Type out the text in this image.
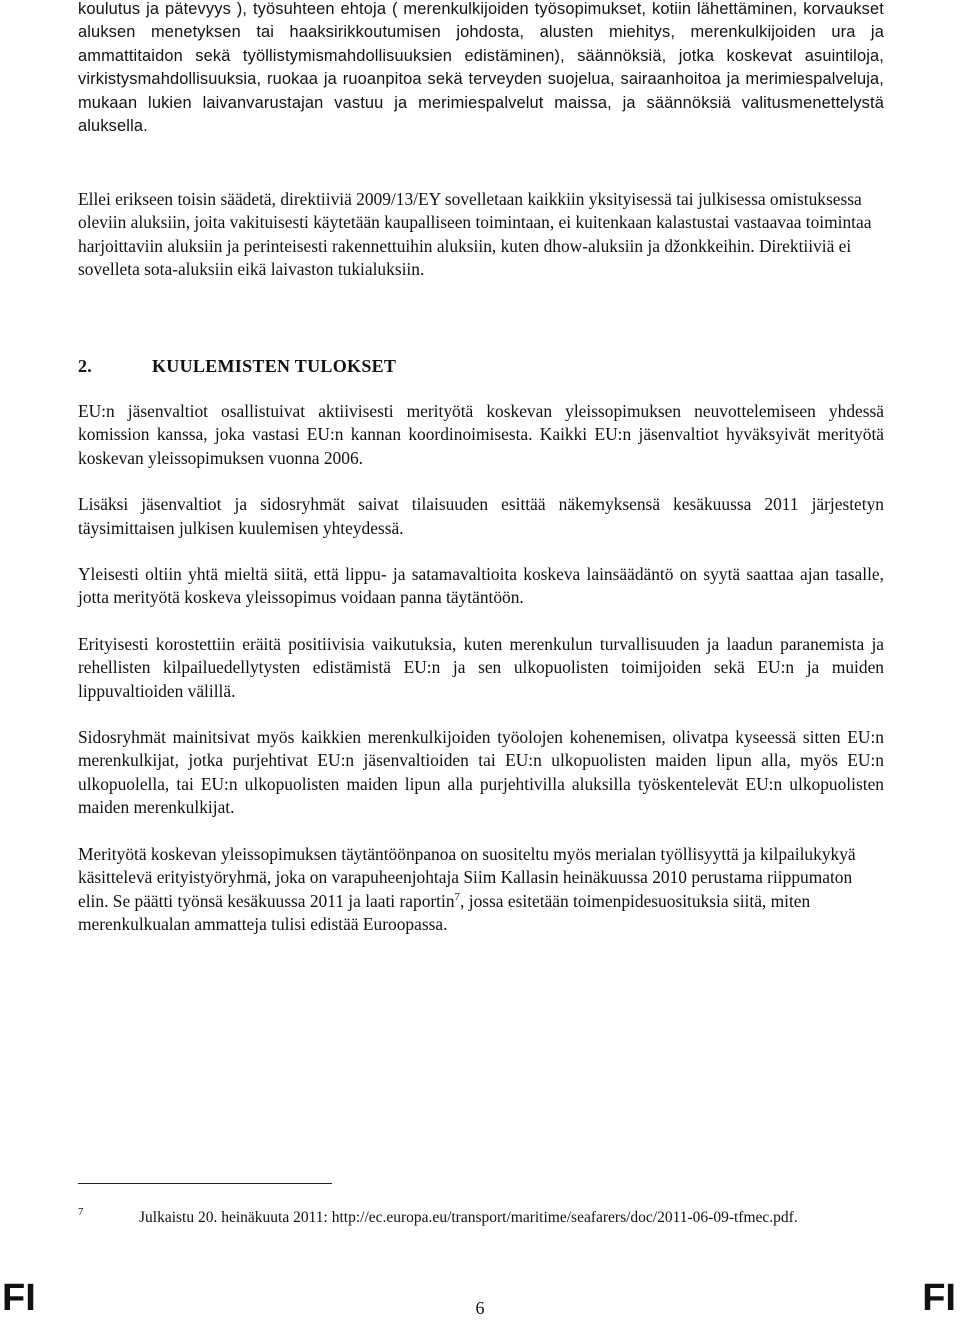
koulutus ja pätevyys ), työsuhteen ehtoja ( merenkulkijoiden työsopimukset, kotiin lähettäminen, korvaukset aluksen menetyksen tai haaksirikkoutumisen johdosta, alusten miehitys, merenkulkijoiden ura ja ammattitaidon sekä työllistymismahdollisuuksien edistäminen), säännöksiä, jotka koskevat asuintiloja, virkistysmahdollisuuksia, ruokaa ja ruoanpitoa sekä terveyden suojelua, sairaanhoitoa ja merimiespalveluja, mukaan lukien laivanvarustajan vastuu ja merimiespalvelut maissa, ja säännöksiä valitusmenettelystä aluksella.

Ellei erikseen toisin säädetä, direktiiviä 2009/13/EY sovelletaan kaikkiin yksityisessä tai julkisessa omistuksessa oleviin aluksiin, joita vakituisesti käytetään kaupalliseen toimintaan, ei kuitenkaan kalastustai vastaavaa toimintaa harjoittaviin aluksiin ja perinteisesti rakennettuihin aluksiin, kuten dhow-aluksiin ja džonkkeihin. Direktiiviä ei sovelleta sota-aluksiin eikä laivaston tukialuksiin.

2.	KUULEMISTEN TULOKSET

EU:n jäsenvaltiot osallistuivat aktiivisesti merityötä koskevan yleissopimuksen neuvottelemiseen yhdessä komission kanssa, joka vastasi EU:n kannan koordinoimisesta. Kaikki EU:n jäsenvaltiot hyväksyivät merityötä koskevan yleissopimuksen vuonna 2006.

Lisäksi jäsenvaltiot ja sidosryhmät saivat tilaisuuden esittää näkemyksensä kesäkuussa 2011 järjestetyn täysimittaisen julkisen kuulemisen yhteydessä.

Yleisesti oltiin yhtä mieltä siitä, että lippu- ja satamavaltioita koskeva lainsäädäntö on syytä saattaa ajan tasalle, jotta merityötä koskeva yleissopimus voidaan panna täytäntöön.

Erityisesti korostettiin eräitä positiivisia vaikutuksia, kuten merenkulun turvallisuuden ja laadun paranemista ja rehellisten kilpailuedellytysten edistämistä EU:n ja sen ulkopuolisten toimijoiden sekä EU:n ja muiden lippuvaltioiden välillä.

Sidosryhmät mainitsivat myös kaikkien merenkulkijoiden työolojen kohenemisen, olivatpa kyseessä sitten EU:n merenkulkijat, jotka purjehtivat EU:n jäsenvaltioiden tai EU:n ulkopuolisten maiden lipun alla, myös EU:n ulkopuolella, tai EU:n ulkopuolisten maiden lipun alla purjehtivilla aluksilla työskentelevät EU:n ulkopuolisten maiden merenkulkijat.

Merityötä koskevan yleissopimuksen täytäntöönpanoa on suositeltu myös merialan työllisyyttä ja kilpailukykyä käsittelevä erityistyöryhmä, joka on varapuheenjohtaja Siim Kallasin heinäkuussa 2010 perustama riippumaton elin. Se päätti työnsä kesäkuussa 2011 ja laati raportin$^7$, jossa esitetään toimenpidesuosituksia siitä, miten merenkulkualan ammatteja tulisi edistää Euroopassa.

7	Julkaistu 20. heinäkuuta 2011: http://ec.europa.eu/transport/maritime/seafarers/doc/2011-06-09-tfmec.pdf.
FI	6	FI
